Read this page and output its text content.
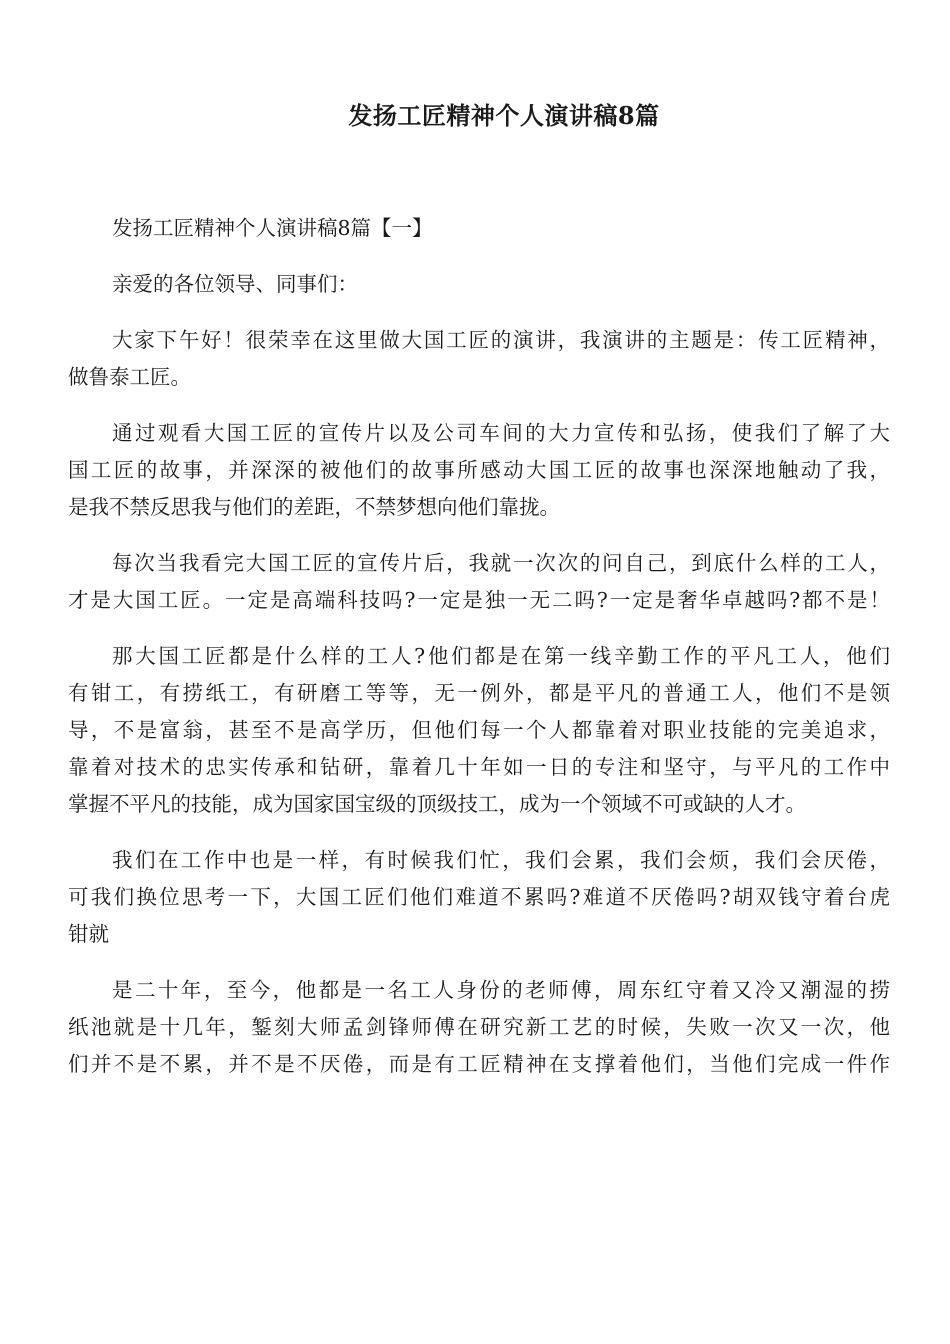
发扬工匠精神个人演讲稿8篇
发扬工匠精神个人演讲稿8篇【一】
亲爱的各位领导、同事们：
大家下午好！很荣幸在这里做大国工匠的演讲，我演讲的主题是：传工匠精神，
做鲁泰工匠。
通过观看大国工匠的宣传片以及公司车间的大力宣传和弘扬，使我们了解了大
国工匠的故事，并深深的被他们的故事所感动大国工匠的故事也深深地触动了我，
是我不禁反思我与他们的差距，不禁梦想向他们靠拢。
每次当我看完大国工匠的宣传片后，我就一次次的问自己，到底什么样的工人，
才是大国工匠。一定是高端科技吗?一定是独一无二吗?一定是奢华卓越吗?都不是！
那大国工匠都是什么样的工人?他们都是在第一线辛勤工作的平凡工人，他们
有钳工，有捞纸工，有研磨工等等，无一例外，都是平凡的普通工人，他们不是领
导，不是富翁，甚至不是高学历，但他们每一个人都靠着对职业技能的完美追求，
靠着对技术的忠实传承和钻研，靠着几十年如一日的专注和坚守，与平凡的工作中
掌握不平凡的技能，成为国家国宝级的顶级技工，成为一个领域不可或缺的人才。
我们在工作中也是一样，有时候我们忙，我们会累，我们会烦，我们会厌倦，
可我们换位思考一下，大国工匠们他们难道不累吗?难道不厌倦吗?胡双钱守着台虎
钳就
是二十年，至今，他都是一名工人身份的老师傅，周东红守着又冷又潮湿的捞
纸池就是十几年，錾刻大师孟剑锋师傅在研究新工艺的时候，失败一次又一次，他
们并不是不累，并不是不厌倦，而是有工匠精神在支撑着他们，当他们完成一件作
